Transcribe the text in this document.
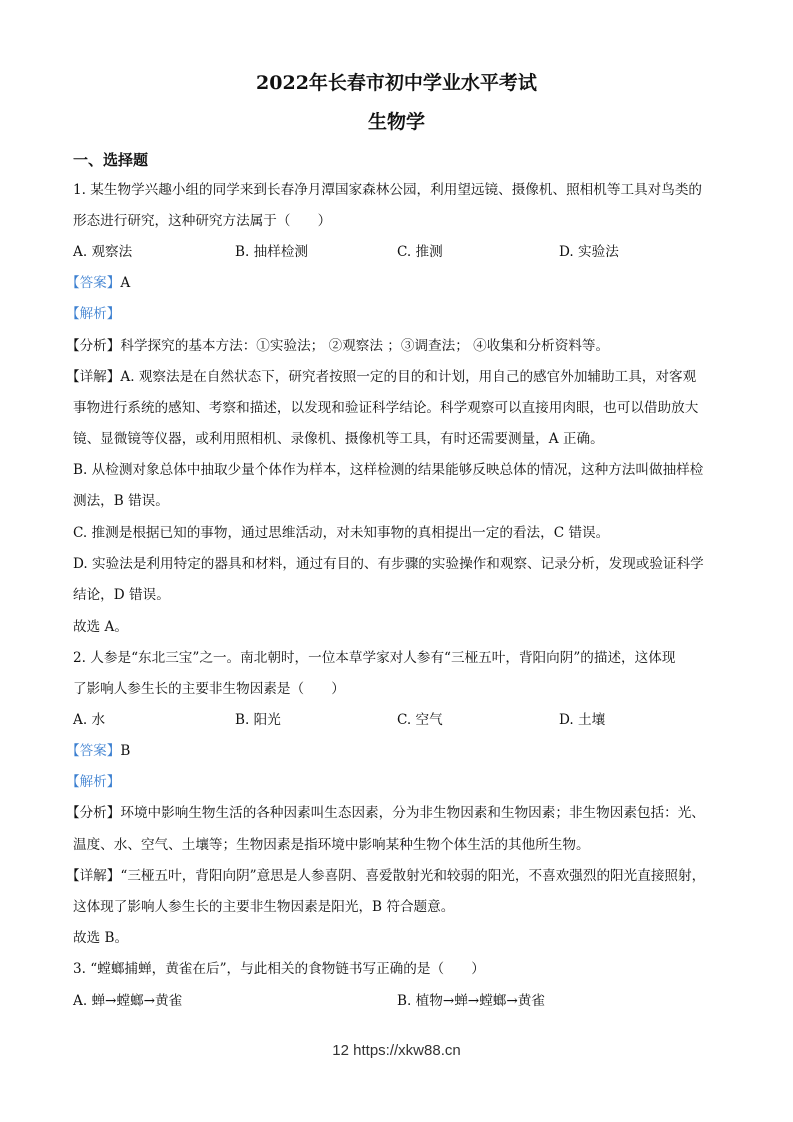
2022年长春市初中学业水平考试
生物学
一、选择题
1. 某生物学兴趣小组的同学来到长春净月潭国家森林公园，利用望远镜、摄像机、照相机等工具对鸟类的
形态进行研究，这种研究方法属于（　　）
A. 观察法	B. 抽样检测	C. 推测	D. 实验法
【答案】A
【解析】
【分析】科学探究的基本方法：①实验法； ②观察法 ；③调查法； ④收集和分析资料等。
【详解】A. 观察法是在自然状态下，研究者按照一定的目的和计划，用自己的感官外加辅助工具，对客观
事物进行系统的感知、考察和描述，以发现和验证科学结论。科学观察可以直接用肉眼，也可以借助放大
镜、显微镜等仪器，或利用照相机、录像机、摄像机等工具，有时还需要测量，A 正确。
B. 从检测对象总体中抽取少量个体作为样本，这样检测的结果能够反映总体的情况，这种方法叫做抽样检
测法，B 错误。
C. 推测是根据已知的事物，通过思维活动，对未知事物的真相提出一定的看法，C 错误。
D. 实验法是利用特定的器具和材料，通过有目的、有步骤的实验操作和观察、记录分析，发现或验证科学
结论，D 错误。
故选 A。
2. 人参是“东北三宝”之一。南北朝时，一位本草学家对人参有“三桠五叶，背阳向阴”的描述，这体现
了影响人参生长的主要非生物因素是（　　）
A. 水	B. 阳光	C. 空气	D. 土壤
【答案】B
【解析】
【分析】环境中影响生物生活的各种因素叫生态因素，分为非生物因素和生物因素；非生物因素包括：光、
温度、水、空气、土壤等；生物因素是指环境中影响某种生物个体生活的其他所生物。
【详解】“三桠五叶，背阳向阴”意思是人参喜阴、喜爱散射光和较弱的阳光，不喜欢强烈的阳光直接照射，
这体现了影响人参生长的主要非生物因素是阳光，B 符合题意。
故选 B。
3. “螳螂捕蝉，黄雀在后”，与此相关的食物链书写正确的是（　　）
A. 蝉→螳螂→黄雀	B. 植物→蝉→螳螂→黄雀
12 https://xkw88.cn
